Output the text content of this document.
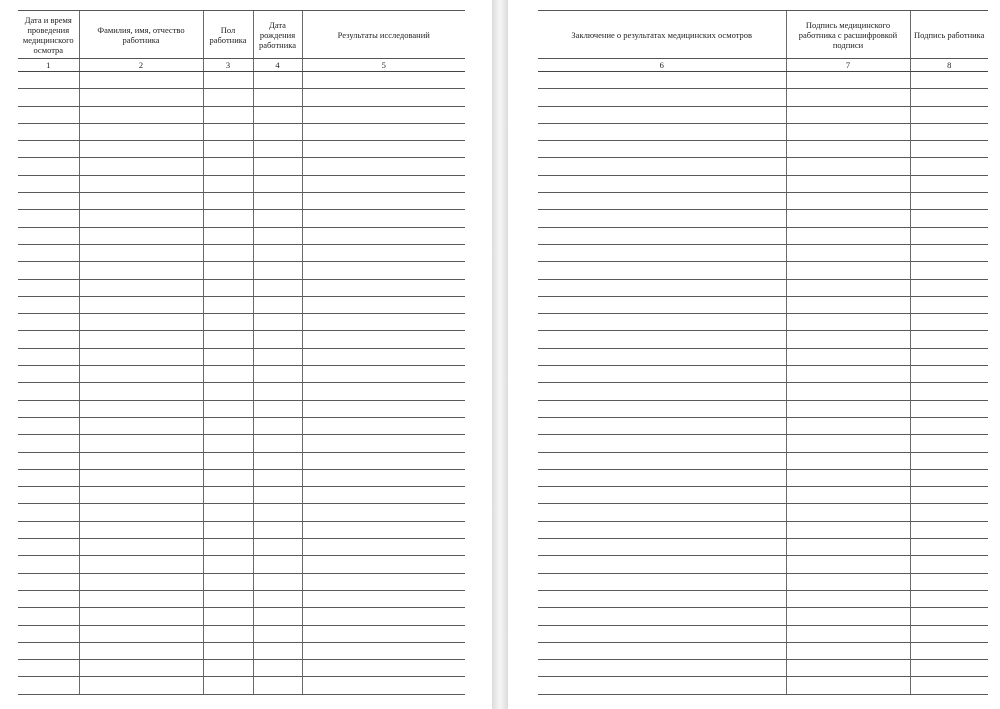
Дата и время проведения медицинского осмотра	Фамилия, имя, отчество работника	Пол работника	Дата рождения работника	Результаты исследований
1	2	3	4	5

Заключение о результатах медицинских осмотров	Подпись медицинского работника с расшифровкой подписи	Подпись работника
6	7	8
